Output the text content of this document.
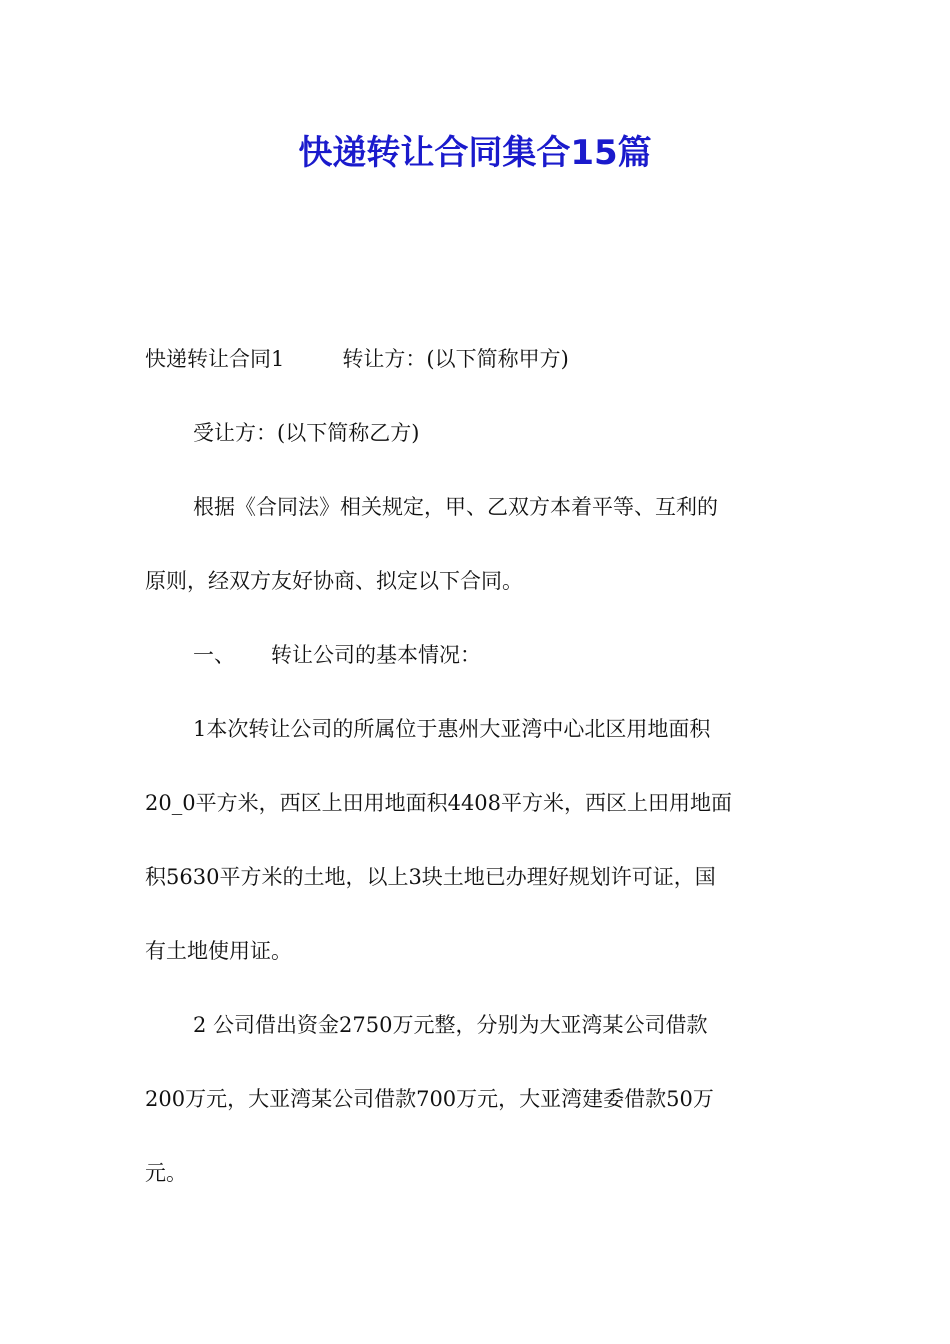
快递转让合同集合15篇
快递转让合同1	转让方：(以下简称甲方)
受让方：(以下简称乙方)
根据《合同法》相关规定，甲、乙双方本着平等、互利的
原则，经双方友好协商、拟定以下合同。
一、 转让公司的基本情况：
1本次转让公司的所属位于惠州大亚湾中心北区用地面积
20_0平方米，西区上田用地面积4408平方米，西区上田用地面
积5630平方米的土地，以上3块土地已办理好规划许可证，国
有土地使用证。
2 公司借出资金2750万元整，分别为大亚湾某公司借款
200万元，大亚湾某公司借款700万元，大亚湾建委借款50万
元。
